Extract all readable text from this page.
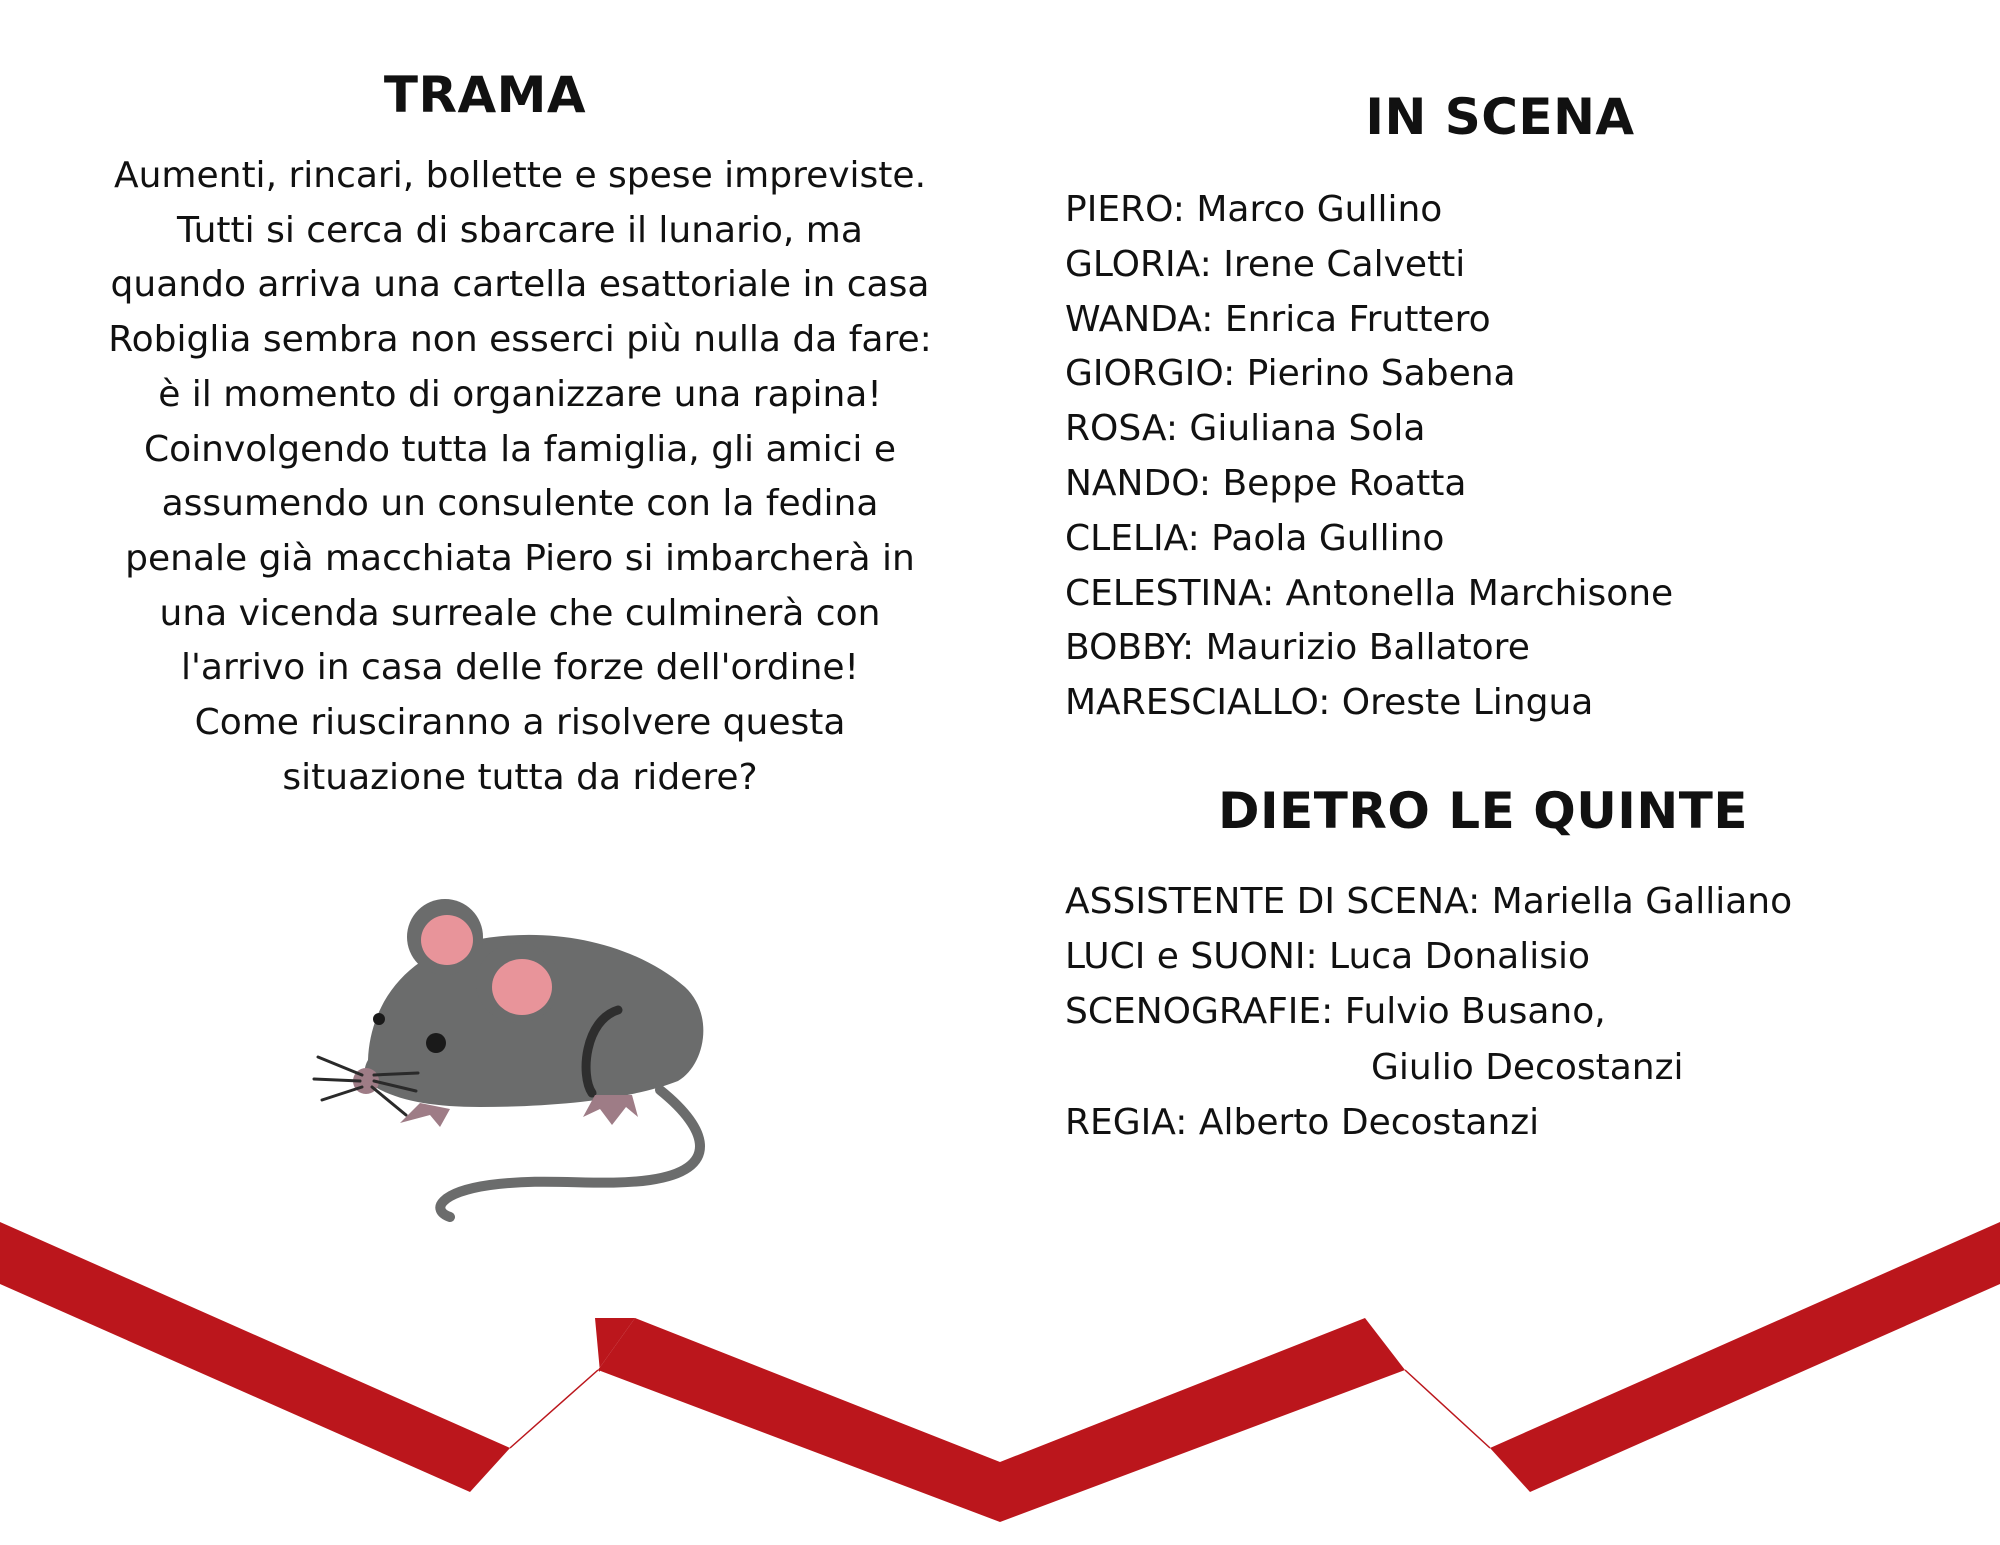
TRAMA

Aumenti, rincari, bollette e spese impreviste.
Tutti si cerca di sbarcare il lunario, ma
quando arriva una cartella esattoriale in casa
Robiglia sembra non esserci più nulla da fare:
è il momento di organizzare una rapina!
Coinvolgendo tutta la famiglia, gli amici e
assumendo un consulente con la fedina
penale già macchiata Piero si imbarcherà in
una vicenda surreale che culminerà con
l'arrivo in casa delle forze dell'ordine!
Come riusciranno a risolvere questa
situazione tutta da ridere?

IN SCENA
PIERO: Marco Gullino
GLORIA: Irene Calvetti
WANDA: Enrica Fruttero
GIORGIO: Pierino Sabena
ROSA: Giuliana Sola
NANDO: Beppe Roatta
CLELIA: Paola Gullino
CELESTINA: Antonella Marchisone
BOBBY: Maurizio Ballatore
MARESCIALLO: Oreste Lingua
DIETRO LE QUINTE
ASSISTENTE DI SCENA: Mariella Galliano
LUCI e SUONI: Luca Donalisio
SCENOGRAFIE: Fulvio Busano,
Giulio Decostanzi
REGIA: Alberto Decostanzi
